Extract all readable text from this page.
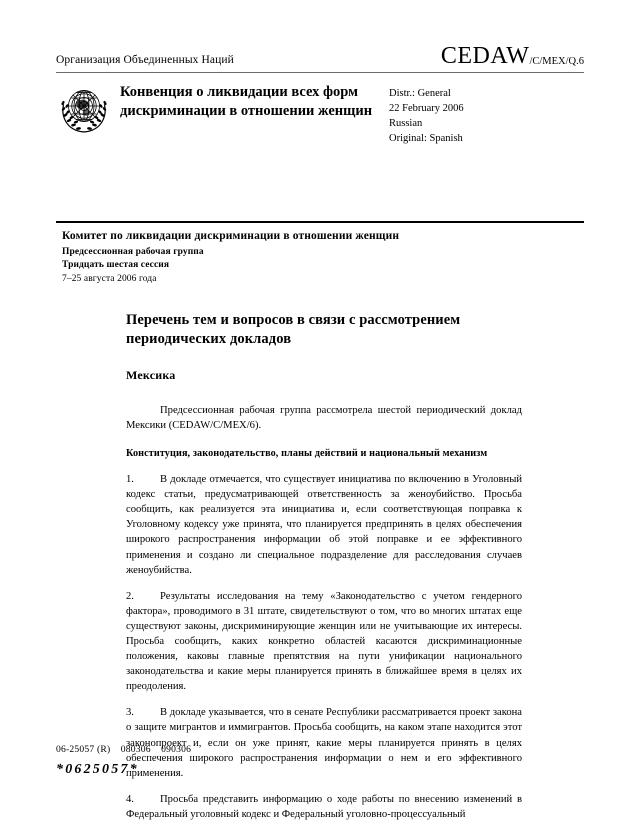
Организация Объединенных Наций	CEDAW/C/MEX/Q.6
Конвенция о ликвидации всех форм дискриминации в отношении женщин
Distr.: General
22 February 2006
Russian
Original: Spanish
Комитет по ликвидации дискриминации в отношении женщин
Предсессионная рабочая группа
Тридцать шестая сессия
7–25 августа 2006 года
Перечень тем и вопросов в связи с рассмотрением периодических докладов
Мексика
Предсессионная рабочая группа рассмотрела шестой периодический доклад Мексики (CEDAW/C/MEX/6).
Конституция, законодательство, планы действий и национальный механизм
1. В докладе отмечается, что существует инициатива по включению в Уголовный кодекс статьи, предусматривающей ответственность за женоубийство. Просьба сообщить, как реализуется эта инициатива и, если соответствующая поправка к Уголовному кодексу уже принята, что планируется предпринять в целях обеспечения широкого распространения информации об этой поправке и ее эффективного применения и создано ли специальное подразделение для расследования случаев женоубийства.
2. Результаты исследования на тему «Законодательство с учетом гендерного фактора», проводимого в 31 штате, свидетельствуют о том, что во многих штатах еще существуют законы, дискриминирующие женщин или не учитывающие их интересы. Просьба сообщить, каких конкретно областей касаются дискриминационные положения, каковы главные препятствия на пути унификации национального законодательства и какие меры планируется принять в ближайшее время в целях их преодоления.
3. В докладе указывается, что в сенате Республики рассматривается проект закона о защите мигрантов и иммигрантов. Просьба сообщить, на каком этапе находится этот законопроект и, если он уже принят, какие меры планируется принять в целях обеспечения широкого распространения информации о нем и его эффективного применения.
4. Просьба представить информацию о ходе работы по внесению изменений в Федеральный уголовный кодекс и Федеральный уголовно-процессуальный
06-25057 (R)    080306    090306
*0625057*
